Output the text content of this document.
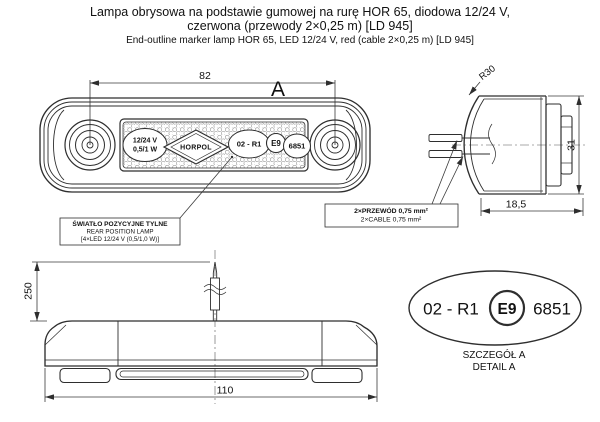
Lampa obrysowa na podstawie gumowej na rurę HOR 65, diodowa 12/24 V,
czerwona (przewody 2×0,25 m) [LD 945]
End-outline marker lamp HOR 65, LED 12/24 V, red (cable 2×0,25 m) [LD 945]
82
A
12/24 V
0,5/1 W	HORPOL	02 - R1 E9 6851
ŚWIATŁO POZYCYJNE TYLNE
REAR POSITION LAMP
[4×LED 12/24 V (0,5/1,0 W)]
2×PRZEWÓD 0,75 mm²
2×CABLE 0,75 mm²
R30
31
18,5
250
110
02 - R1 E9 6851
SZCZEGÓŁ A
DETAIL A
